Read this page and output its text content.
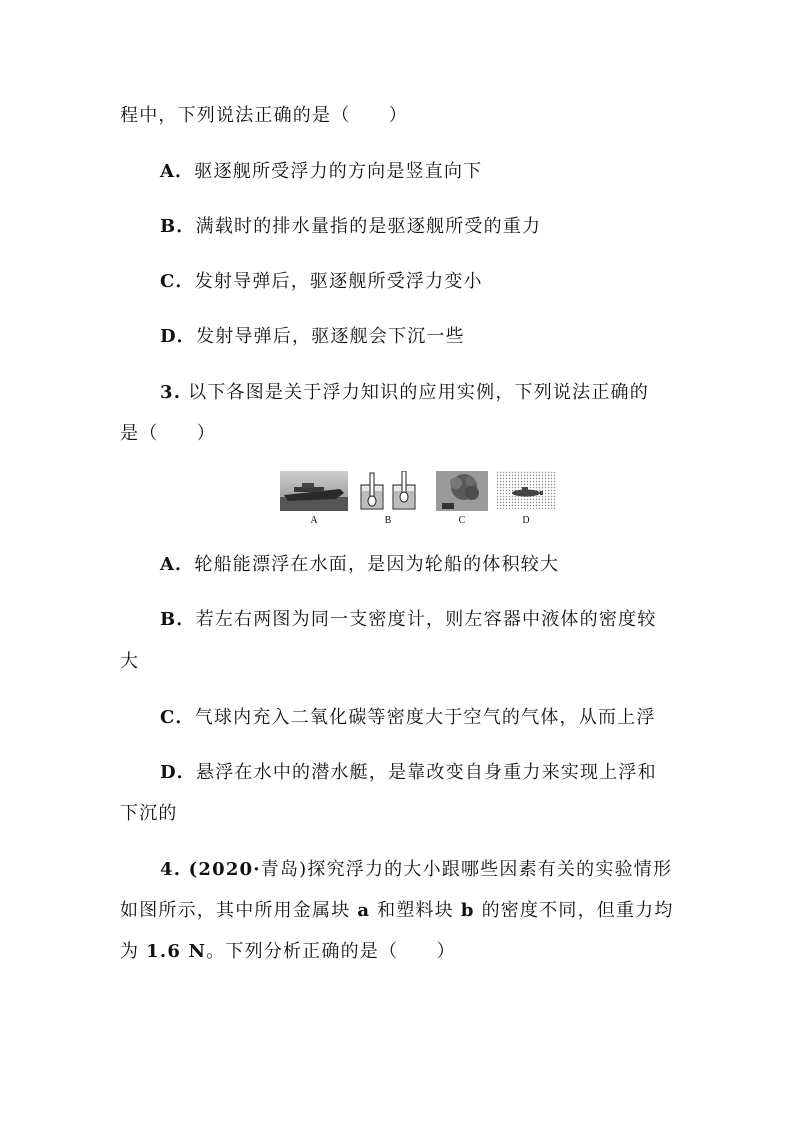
程中，下列说法正确的是（　　）
A．驱逐舰所受浮力的方向是竖直向下
B．满载时的排水量指的是驱逐舰所受的重力
C．发射导弹后，驱逐舰所受浮力变小
D．发射导弹后，驱逐舰会下沉一些
3. 以下各图是关于浮力知识的应用实例，下列说法正确的
是（　　）
A	B	C	D
A．轮船能漂浮在水面，是因为轮船的体积较大
B．若左右两图为同一支密度计，则左容器中液体的密度较
大
C．气球内充入二氧化碳等密度大于空气的气体，从而上浮
D．悬浮在水中的潜水艇，是靠改变自身重力来实现上浮和
下沉的
4. (2020·青岛)探究浮力的大小跟哪些因素有关的实验情形
如图所示，其中所用金属块 a 和塑料块 b 的密度不同，但重力均
为 1.6 N。下列分析正确的是（　　）
